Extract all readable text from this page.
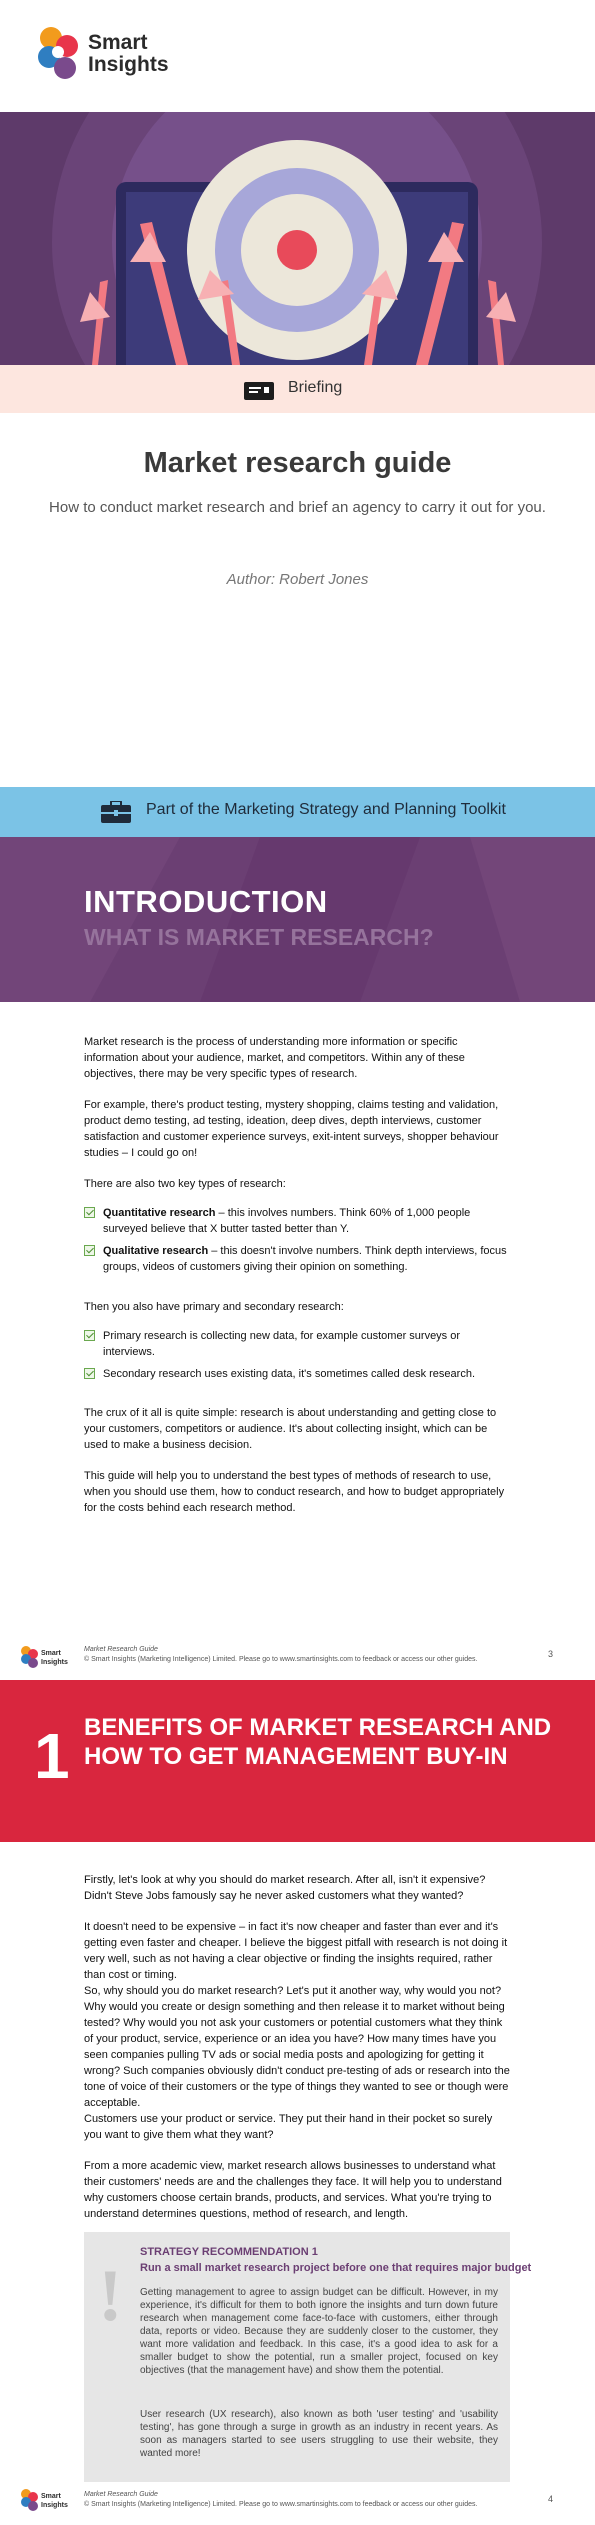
Smart
Insights
Briefing
Market research guide
How to conduct market research and brief an agency to carry it out for you.
Author: Robert Jones
Part of the Marketing Strategy and Planning Toolkit
INTRODUCTION
WHAT IS MARKET RESEARCH?

Market research is the process of understanding more information or specific information about your audience, market, and competitors. Within any of these objectives, there may be very specific types of research.

For example, there's product testing, mystery shopping, claims testing and validation, product demo testing, ad testing, ideation, deep dives, depth interviews, customer satisfaction and customer experience surveys, exit-intent surveys, shopper behaviour studies – I could go on!

There are also two key types of research:

Quantitative research – this involves numbers. Think 60% of 1,000 people surveyed believe that X butter tasted better than Y.
Qualitative research – this doesn't involve numbers. Think depth interviews, focus groups, videos of customers giving their opinion on something.

Then you also have primary and secondary research:

Primary research is collecting new data, for example customer surveys or interviews.
Secondary research uses existing data, it's sometimes called desk research.

The crux of it all is quite simple: research is about understanding and getting close to your customers, competitors or audience. It's about collecting insight, which can be used to make a business decision.

This guide will help you to understand the best types of methods of research to use, when you should use them, how to conduct research, and how to budget appropriately for the costs behind each research method.

Smart
Insights
Market Research Guide
© Smart Insights (Marketing Intelligence) Limited. Please go to www.smartinsights.com to feedback or access our other guides.
3
1 BENEFITS OF MARKET RESEARCH AND HOW TO GET MANAGEMENT BUY-IN

Firstly, let's look at why you should do market research. After all, isn't it expensive? Didn't Steve Jobs famously say he never asked customers what they wanted?

It doesn't need to be expensive – in fact it's now cheaper and faster than ever and it's getting even faster and cheaper. I believe the biggest pitfall with research is not doing it very well, such as not having a clear objective or finding the insights required, rather than cost or timing.

So, why should you do market research? Let's put it another way, why would you not? Why would you create or design something and then release it to market without being tested? Why would you not ask your customers or potential customers what they think of your product, service, experience or an idea you have? How many times have you seen companies pulling TV ads or social media posts and apologizing for getting it wrong? Such companies obviously didn't conduct pre-testing of ads or research into the tone of voice of their customers or the type of things they wanted to see or though were acceptable.

Customers use your product or service. They put their hand in their pocket so surely you want to give them what they want?

From a more academic view, market research allows businesses to understand what their customers' needs are and the challenges they face. It will help you to understand why customers choose certain brands, products, and services. What you're trying to understand determines questions, method of research, and length.

!
STRATEGY RECOMMENDATION 1
Run a small market research project before one that requires major budget
Getting management to agree to assign budget can be difficult. However, in my experience, it's difficult for them to both ignore the insights and turn down future research when management come face-to-face with customers, either through data, reports or video. Because they are suddenly closer to the customer, they want more validation and feedback. In this case, it's a good idea to ask for a smaller budget to show the potential, run a smaller project, focused on key objectives (that the management have) and show them the potential.
User research (UX research), also known as both 'user testing' and 'usability testing', has gone through a surge in growth as an industry in recent years. As soon as managers started to see users struggling to use their website, they wanted more!
Smart
Insights
Market Research Guide
© Smart Insights (Marketing Intelligence) Limited. Please go to www.smartinsights.com to feedback or access our other guides.
4
